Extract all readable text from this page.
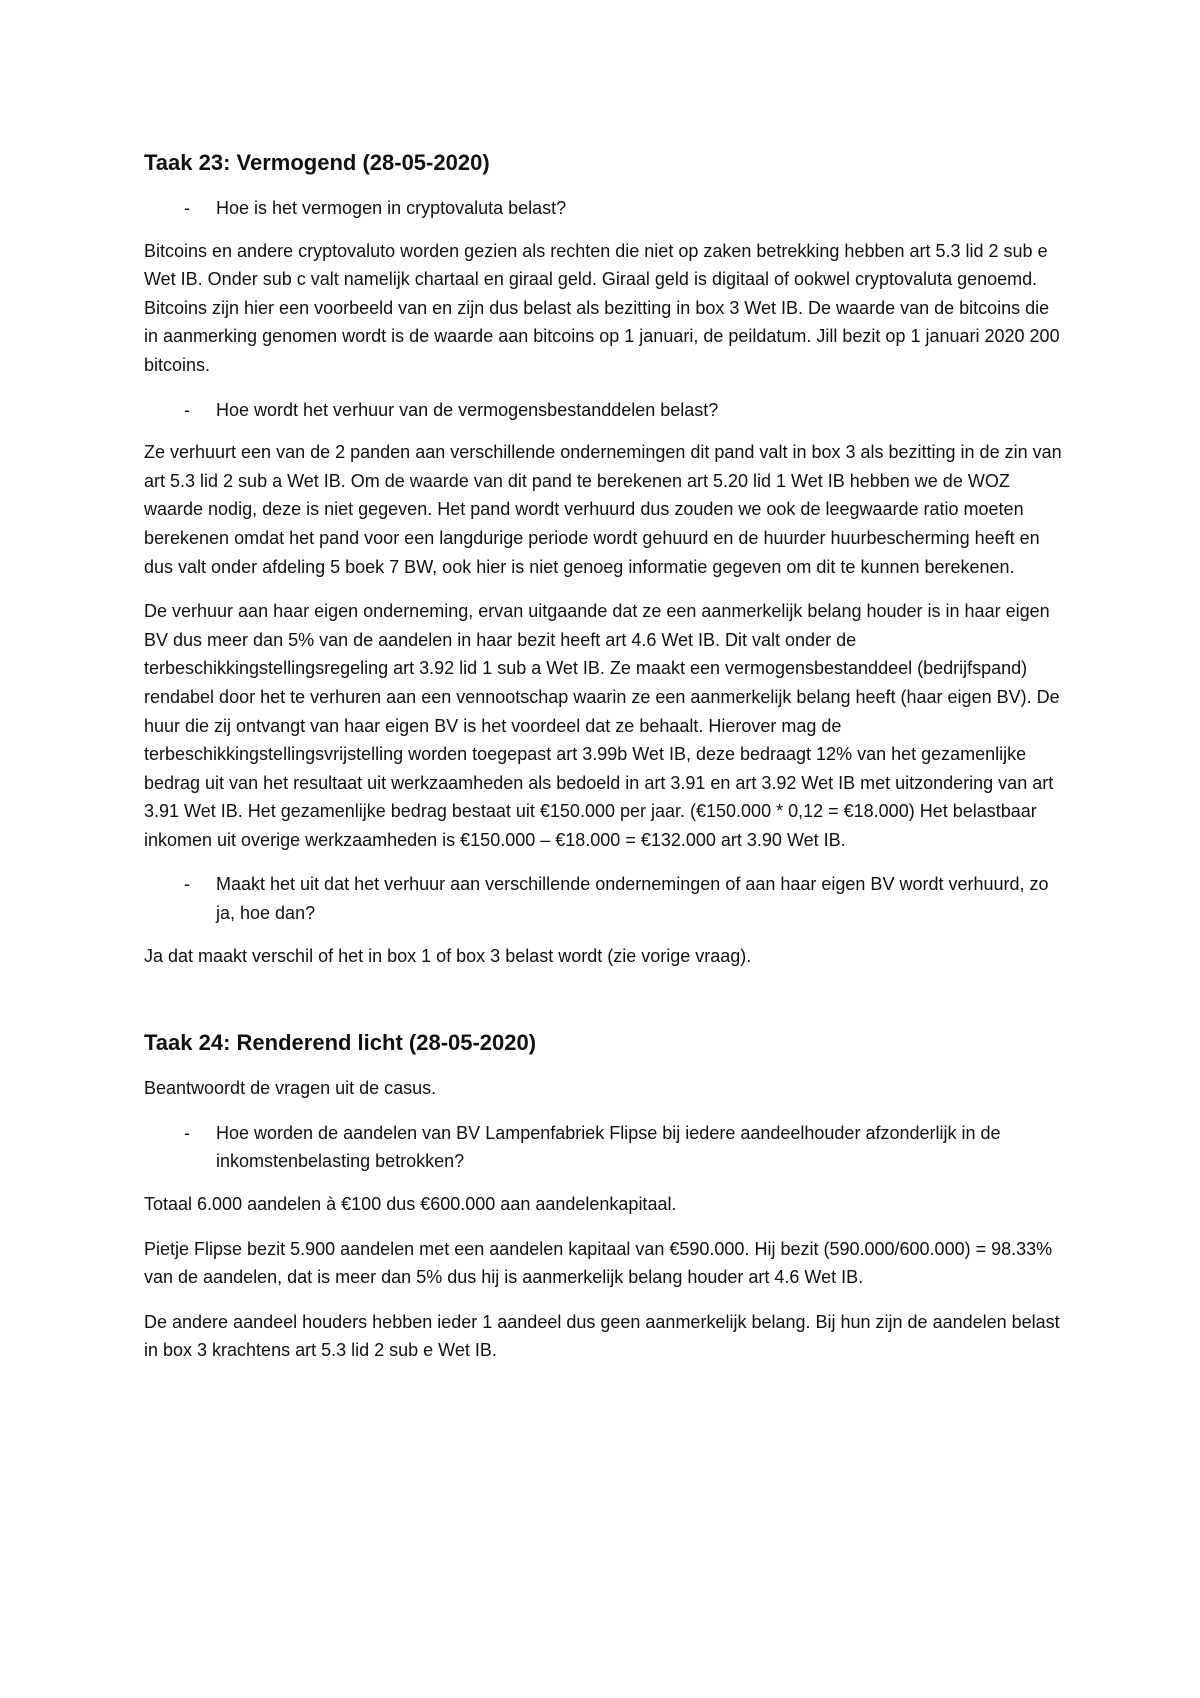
Taak 23: Vermogend (28-05-2020)
-	Hoe is het vermogen in cryptovaluta belast?

Bitcoins en andere cryptovaluto worden gezien als rechten die niet op zaken betrekking hebben art 5.3 lid 2 sub e Wet IB. Onder sub c valt namelijk chartaal en giraal geld. Giraal geld is digitaal of ookwel cryptovaluta genoemd. Bitcoins zijn hier een voorbeeld van en zijn dus belast als bezitting in box 3 Wet IB. De waarde van de bitcoins die in aanmerking genomen wordt is de waarde aan bitcoins op 1 januari, de peildatum. Jill bezit op 1 januari 2020 200 bitcoins.

-	Hoe wordt het verhuur van de vermogensbestanddelen belast?

Ze verhuurt een van de 2 panden aan verschillende ondernemingen dit pand valt in box 3 als bezitting in de zin van art 5.3 lid 2 sub a Wet IB. Om de waarde van dit pand te berekenen art 5.20 lid 1 Wet IB hebben we de WOZ waarde nodig, deze is niet gegeven. Het pand wordt verhuurd dus zouden we ook de leegwaarde ratio moeten berekenen omdat het pand voor een langdurige periode wordt gehuurd en de huurder huurbescherming heeft en dus valt onder afdeling 5 boek 7 BW, ook hier is niet genoeg informatie gegeven om dit te kunnen berekenen.

De verhuur aan haar eigen onderneming, ervan uitgaande dat ze een aanmerkelijk belang houder is in haar eigen BV dus meer dan 5% van de aandelen in haar bezit heeft art 4.6 Wet IB. Dit valt onder de terbeschikkingstellingsregeling art 3.92 lid 1 sub a Wet IB. Ze maakt een vermogensbestanddeel (bedrijfspand) rendabel door het te verhuren aan een vennootschap waarin ze een aanmerkelijk belang heeft (haar eigen BV). De huur die zij ontvangt van haar eigen BV is het voordeel dat ze behaalt. Hierover mag de terbeschikkingstellingsvrijstelling worden toegepast art 3.99b Wet IB, deze bedraagt 12% van het gezamenlijke bedrag uit van het resultaat uit werkzaamheden als bedoeld in art 3.91 en art 3.92 Wet IB met uitzondering van art 3.91 Wet IB. Het gezamenlijke bedrag bestaat uit €150.000 per jaar. (€150.000 * 0,12 = €18.000) Het belastbaar inkomen uit overige werkzaamheden is €150.000 – €18.000 = €132.000 art 3.90 Wet IB.

-	Maakt het uit dat het verhuur aan verschillende ondernemingen of aan haar eigen BV wordt verhuurd, zo ja, hoe dan?

Ja dat maakt verschil of het in box 1 of box 3 belast wordt (zie vorige vraag).

Taak 24: Renderend licht (28-05-2020)

Beantwoordt de vragen uit de casus.

-	Hoe worden de aandelen van BV Lampenfabriek Flipse bij iedere aandeelhouder afzonderlijk in de inkomstenbelasting betrokken?

Totaal 6.000 aandelen à €100 dus €600.000 aan aandelenkapitaal.

Pietje Flipse bezit 5.900 aandelen met een aandelen kapitaal van €590.000. Hij bezit (590.000/600.000) = 98.33% van de aandelen, dat is meer dan 5% dus hij is aanmerkelijk belang houder art 4.6 Wet IB.

De andere aandeel houders hebben ieder 1 aandeel dus geen aanmerkelijk belang. Bij hun zijn de aandelen belast in box 3 krachtens art 5.3 lid 2 sub e Wet IB.
